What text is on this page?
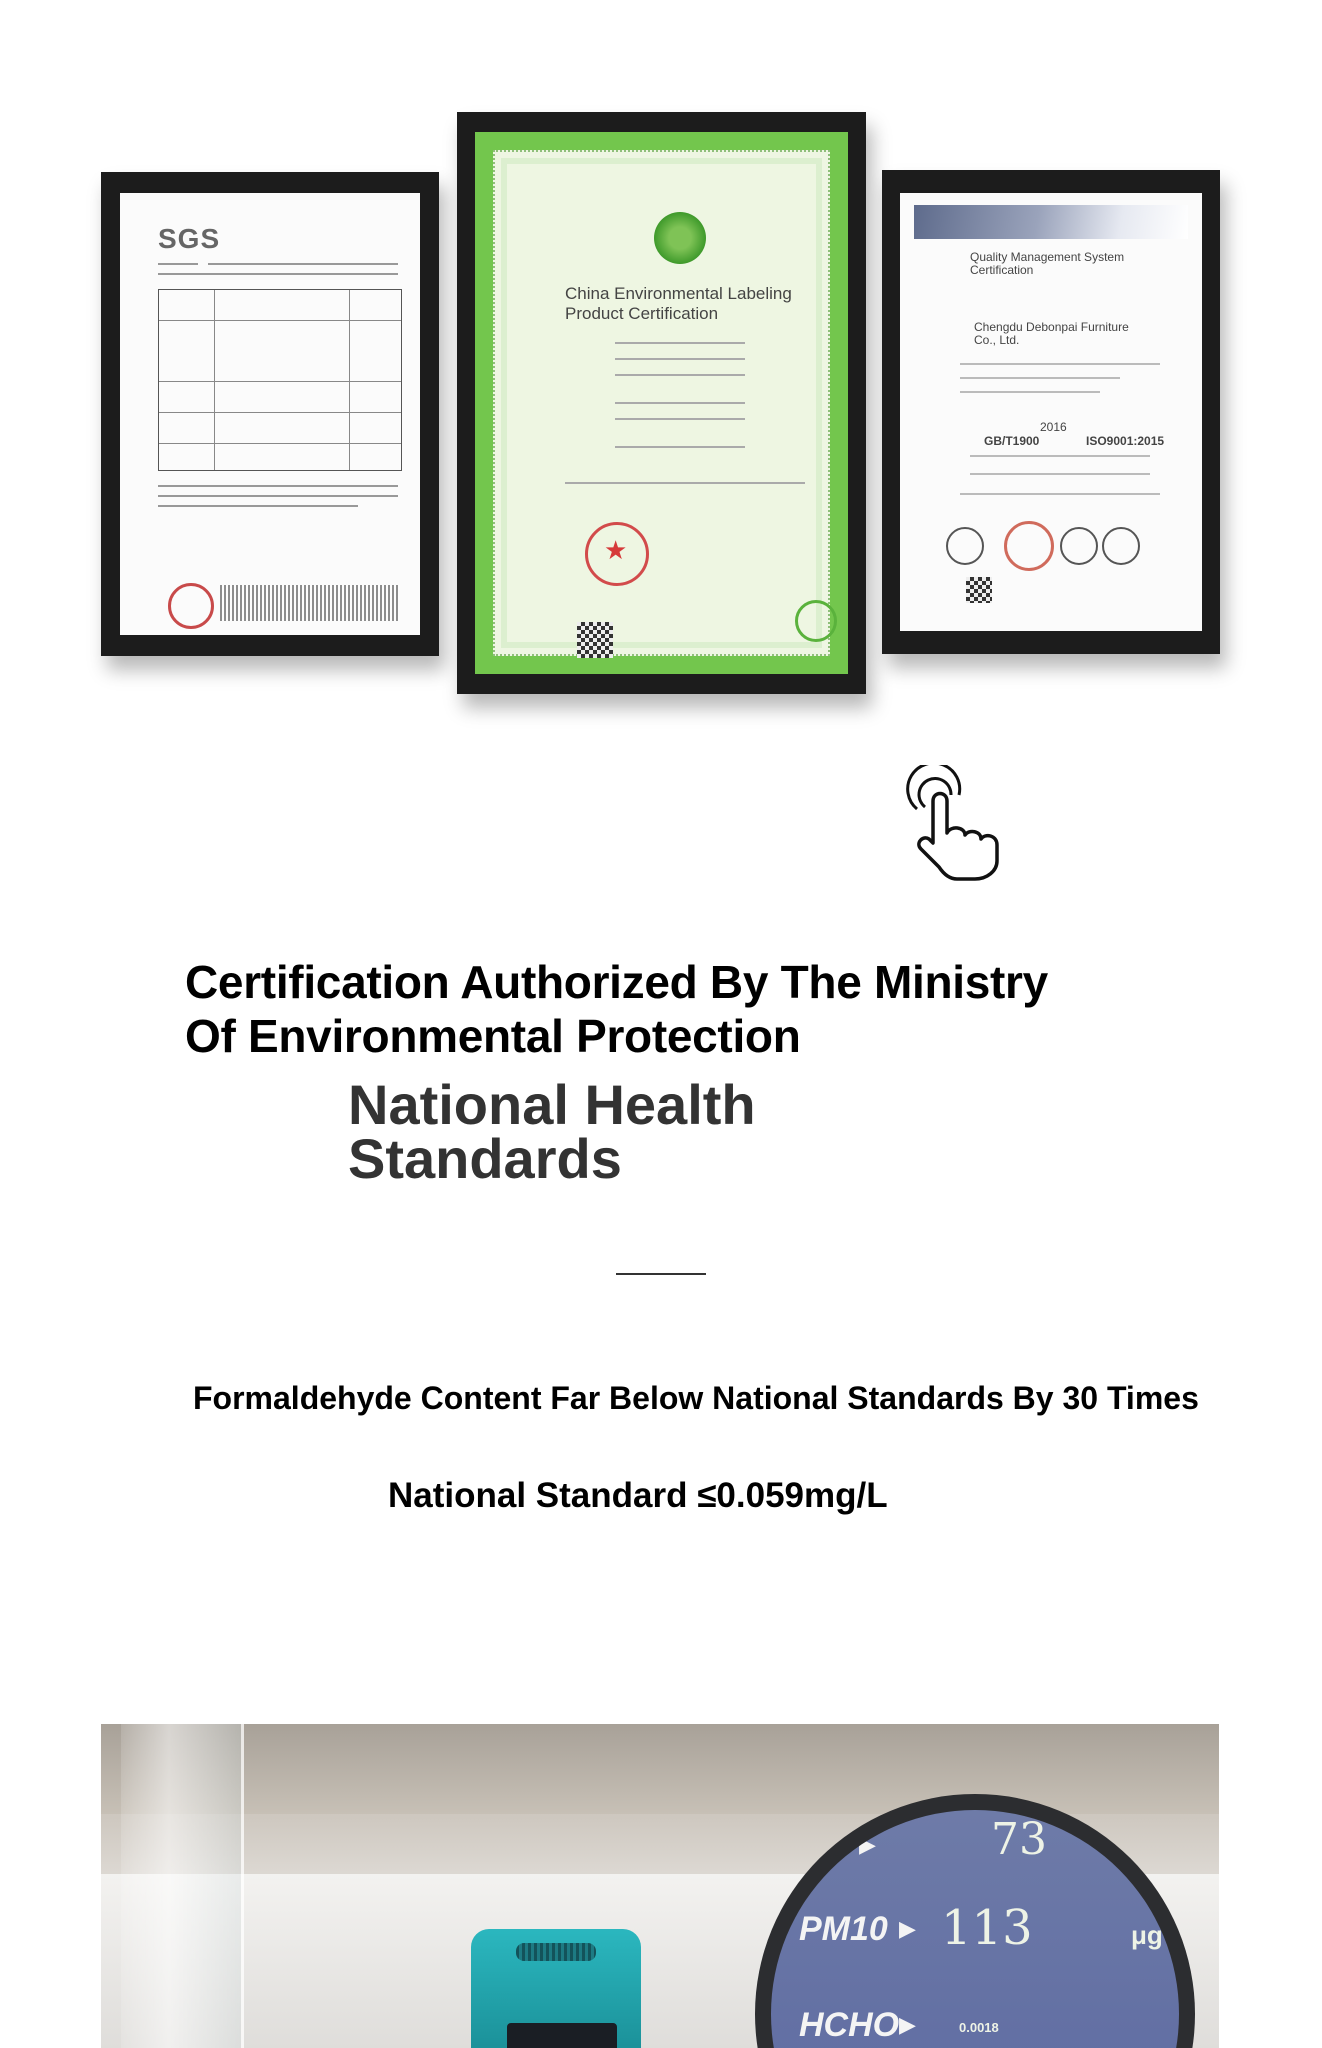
SGS
China Environmental Labeling
Product Certification
★
Quality Management System
Certification
Chengdu Debonpai Furniture
Co., Ltd.
2016
GB/T1900	ISO9001:2015
Certification Authorized By The Ministry
Of Environmental Protection
National Health
Standards
Formaldehyde Content Far Below National Standards By 30 Times
National Standard ≤0.059mg/L
5 ▶	73
PM10 ▶ 113	μg
HCHO ▶	0.0018
